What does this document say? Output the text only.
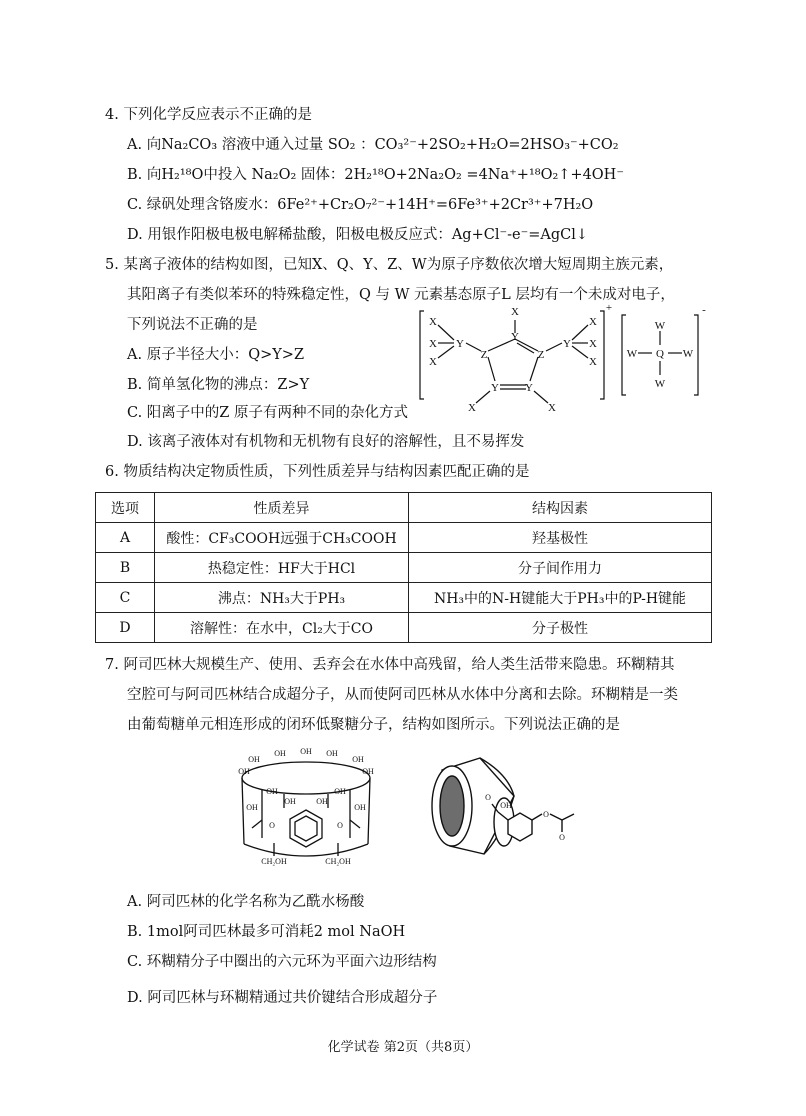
4. 下列化学反应表示不正确的是
A. 向Na₂CO₃ 溶液中通入过量 SO₂ ：CO₃²⁻+2SO₂+H₂O=2HSO₃⁻+CO₂
B. 向H₂¹⁸O中投入 Na₂O₂ 固体：2H₂¹⁸O+2Na₂O₂ =4Na⁺+¹⁸O₂↑+4OH⁻
C. 绿矾处理含铬废水：6Fe²⁺+Cr₂O₇²⁻+14H⁺=6Fe³⁺+2Cr³⁺+7H₂O
D. 用银作阳极电极电解稀盐酸，阳极电极反应式：Ag+Cl⁻-e⁻=AgCl↓
5. 某离子液体的结构如图，已知X、Q、Y、Z、W为原子序数依次增大短周期主族元素，
其阳离子有类似苯环的特殊稳定性，Q 与 W 元素基态原子L 层均有一个未成对电子，
下列说法不正确的是
A. 原子半径大小：Q>Y>Z
B. 简单氢化物的沸点：Z>Y
C. 阳离子中的Z 原子有两种不同的杂化方式
D. 该离子液体对有机物和无机物有良好的溶解性，且不易挥发
X
Y
Z	Z
Y Y
X	X
Y
X
X
X
Y
X
X
X
W
W Q W
W
+	-
6. 物质结构决定物质性质，下列性质差异与结构因素匹配正确的是
选项	性质差异	结构因素
A	酸性：CF₃COOH远强于CH₃COOH	羟基极性
B	热稳定性：HF大于HCl	分子间作用力
C	沸点：NH₃大于PH₃	NH₃中的N-H键能大于PH₃中的P-H键能
D	溶解性：在水中，Cl₂大于CO	分子极性
7. 阿司匹林大规模生产、使用、丢弃会在水体中高残留，给人类生活带来隐患。环糊精其
空腔可与阿司匹林结合成超分子，从而使阿司匹林从水体中分离和去除。环糊精是一类
由葡萄糖单元相连形成的闭环低聚糖分子，结构如图所示。下列说法正确的是
OH
OH OH OH
OH
OH	OH
OH	OH
OH	OH
OH	OH
O	O
CH₂OH	CH₂OH
O
OH
O
O
A. 阿司匹林的化学名称为乙酰水杨酸
B. 1mol阿司匹林最多可消耗2 mol NaOH
C. 环糊精分子中圈出的六元环为平面六边形结构
D. 阿司匹林与环糊精通过共价键结合形成超分子
化学试卷 第2页（共8页）
